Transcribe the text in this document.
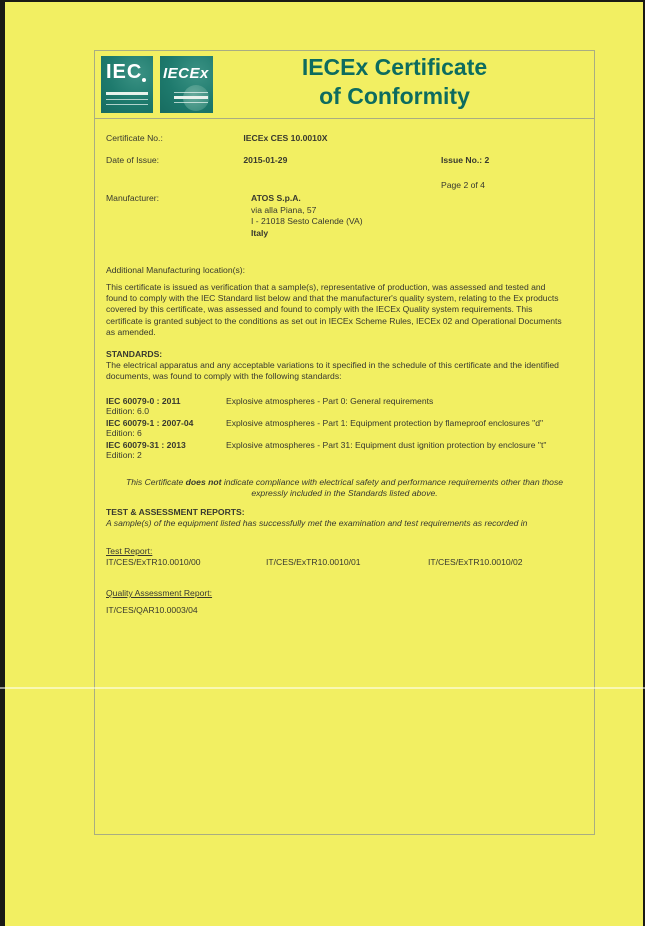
IEC IECEx	IECEx Certificate
of Conformity
Certificate No.:	IECEx CES 10.0010X
Date of Issue:	2015-01-29	Issue No.: 2
Page 2 of 4
Manufacturer:	ATOS S.p.A.
via alla Piana, 57
I - 21018 Sesto Calende (VA)
Italy
Additional Manufacturing location(s):
This certificate is issued as verification that a sample(s), representative of production, was assessed and tested and
found to comply with the IEC Standard list below and that the manufacturer's quality system, relating to the Ex products
covered by this certificate, was assessed and found to comply with the IECEx Quality system requirements. This
certificate is granted subject to the conditions as set out in IECEx Scheme Rules, IECEx 02 and Operational Documents
as amended.
STANDARDS:
The electrical apparatus and any acceptable variations to it specified in the schedule of this certificate and the identified
documents, was found to comply with the following standards:
IEC 60079-0 : 2011	Explosive atmospheres - Part 0: General requirements
Edition: 6.0
IEC 60079-1 : 2007-04	Explosive atmospheres - Part 1: Equipment protection by flameproof enclosures "d"
Edition: 6
IEC 60079-31 : 2013	Explosive atmospheres - Part 31: Equipment dust ignition protection by enclosure "t"
Edition: 2
This Certificate does not indicate compliance with electrical safety and performance requirements other than those
expressly included in the Standards listed above.
TEST & ASSESSMENT REPORTS:
A sample(s) of the equipment listed has successfully met the examination and test requirements as recorded in
Test Report:
IT/CES/ExTR10.0010/00	IT/CES/ExTR10.0010/01	IT/CES/ExTR10.0010/02
Quality Assessment Report:
IT/CES/QAR10.0003/04
